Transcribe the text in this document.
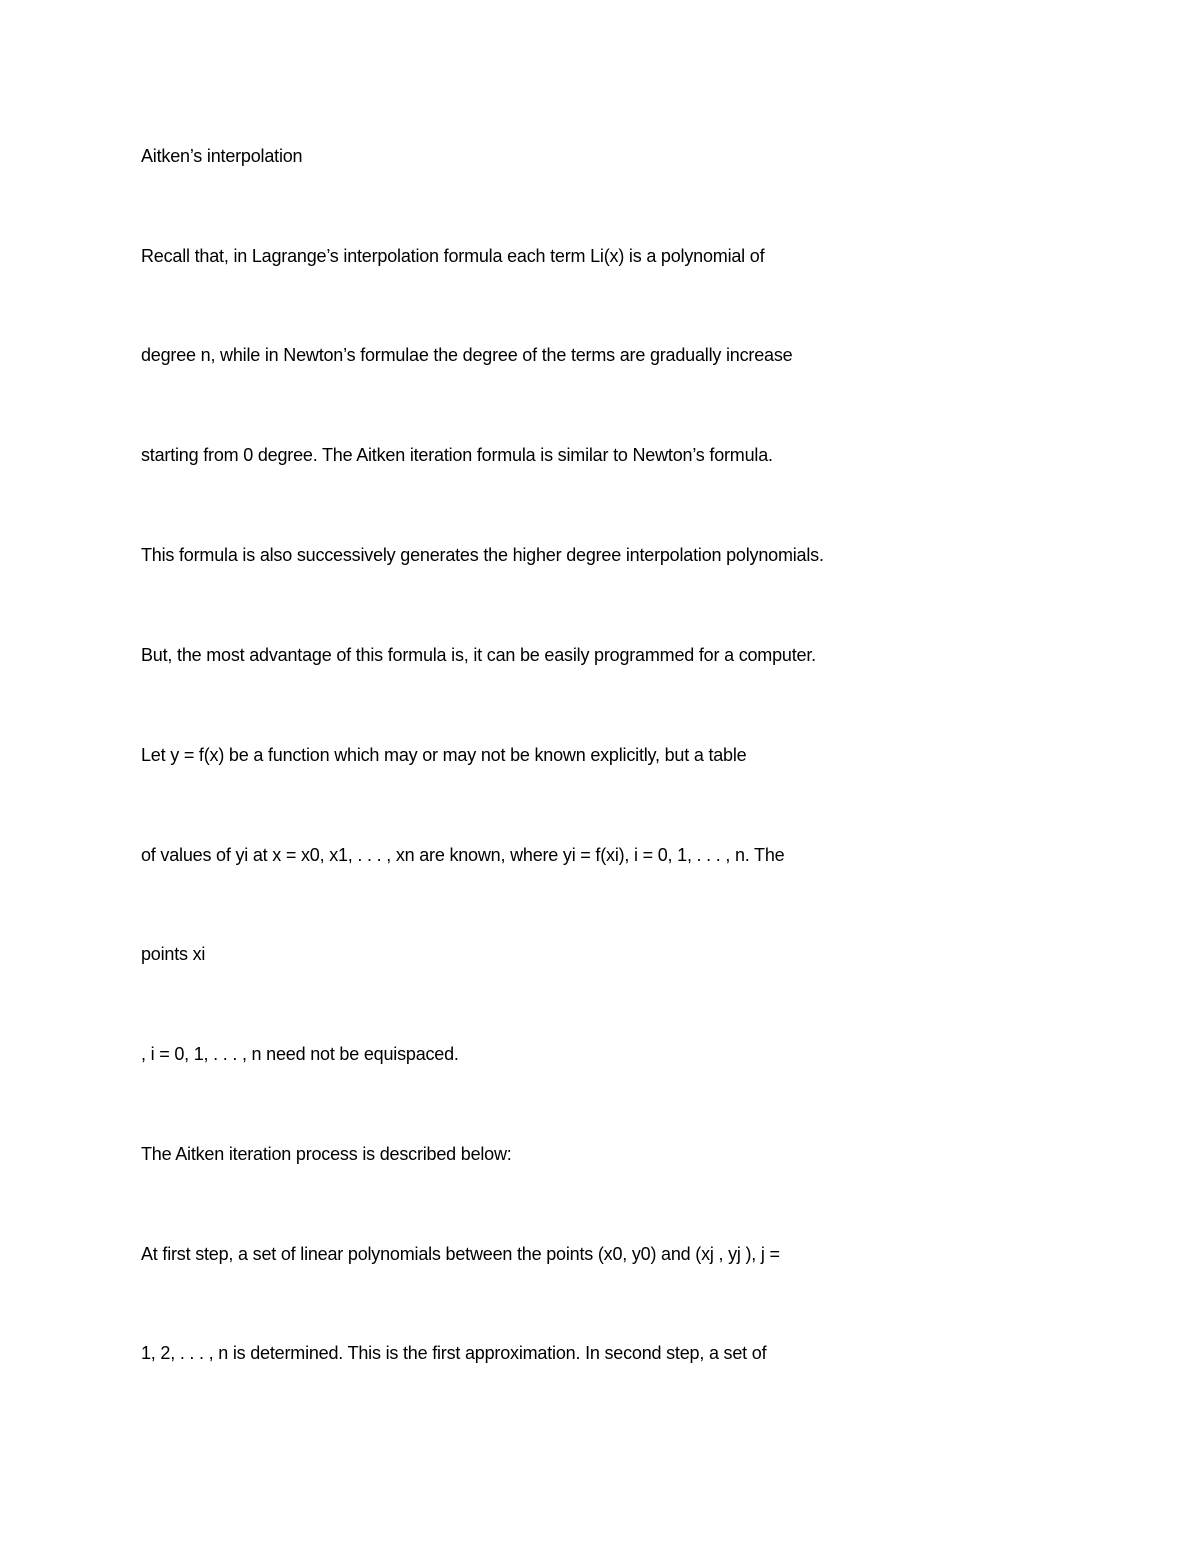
Aitken’s interpolation

Recall that, in Lagrange’s interpolation formula each term Li(x) is a polynomial of

degree n, while in Newton’s formulae the degree of the terms are gradually increase

starting from 0 degree. The Aitken iteration formula is similar to Newton’s formula.

This formula is also successively generates the higher degree interpolation polynomials.

But, the most advantage of this formula is, it can be easily programmed for a computer.

Let y = f(x) be a function which may or may not be known explicitly, but a table

of values of yi at x = x0, x1, . . . , xn are known, where yi = f(xi), i = 0, 1, . . . , n. The

points xi

, i = 0, 1, . . . , n need not be equispaced.

The Aitken iteration process is described below:

At first step, a set of linear polynomials between the points (x0, y0) and (xj , yj ), j =

1, 2, . . . , n is determined. This is the first approximation. In second step, a set of
